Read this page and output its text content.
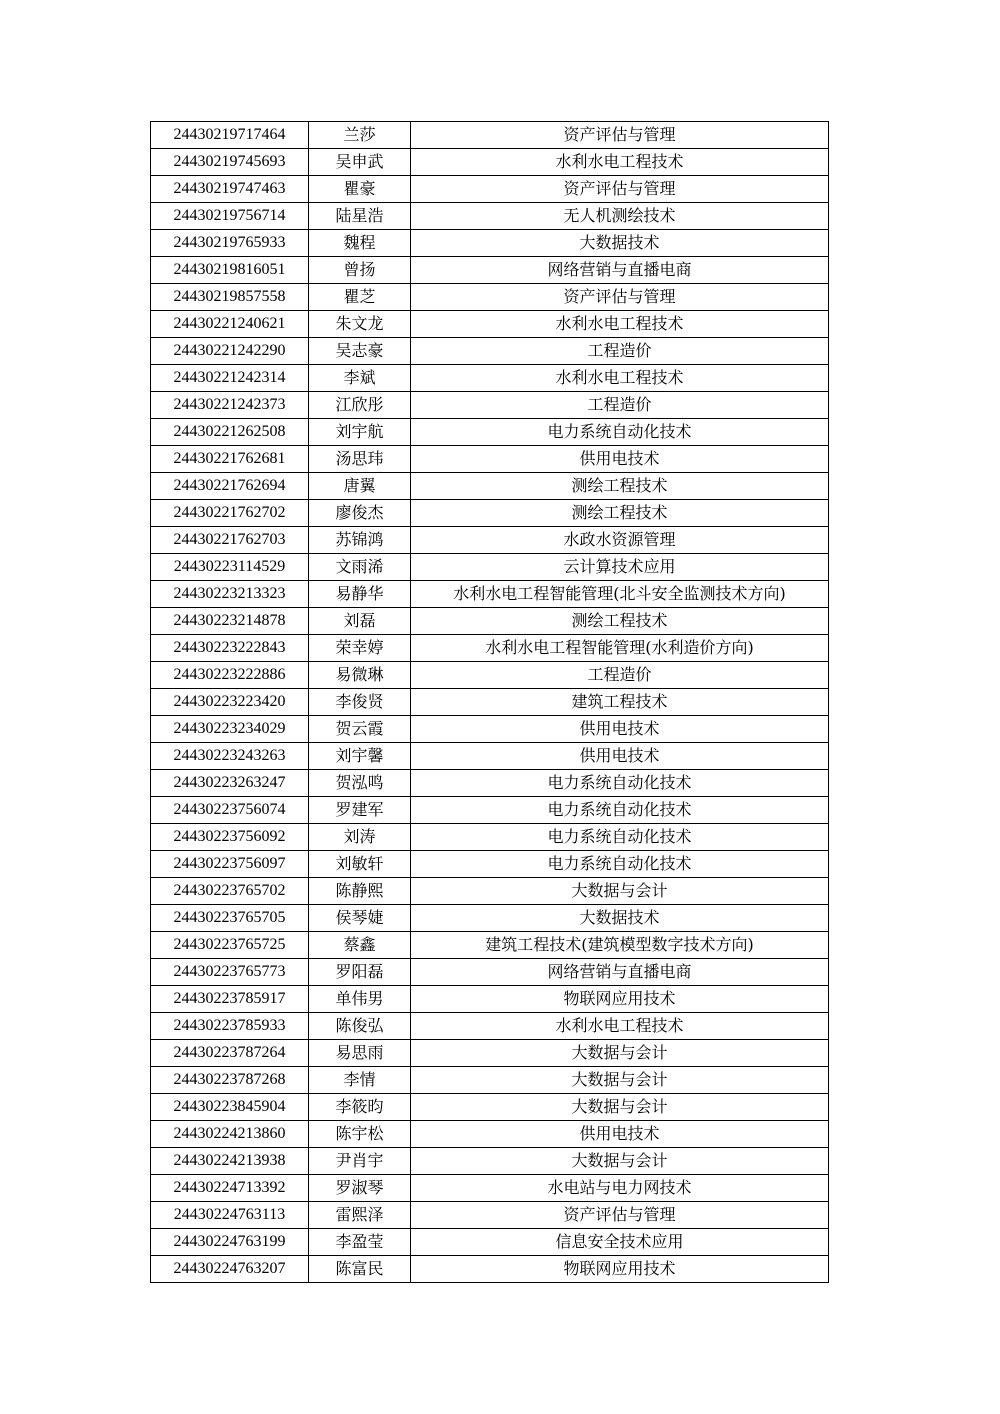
24430219717464	兰莎	资产评估与管理
24430219745693	吴申武	水利水电工程技术
24430219747463	瞿豪	资产评估与管理
24430219756714	陆星浩	无人机测绘技术
24430219765933	魏程	大数据技术
24430219816051	曾扬	网络营销与直播电商
24430219857558	瞿芝	资产评估与管理
24430221240621	朱文龙	水利水电工程技术
24430221242290	吴志豪	工程造价
24430221242314	李斌	水利水电工程技术
24430221242373	江欣彤	工程造价
24430221262508	刘宇航	电力系统自动化技术
24430221762681	汤思玮	供用电技术
24430221762694	唐翼	测绘工程技术
24430221762702	廖俊杰	测绘工程技术
24430221762703	苏锦鸿	水政水资源管理
24430223114529	文雨浠	云计算技术应用
24430223213323	易静华	水利水电工程智能管理(北斗安全监测技术方向)
24430223214878	刘磊	测绘工程技术
24430223222843	荣幸婷	水利水电工程智能管理(水利造价方向)
24430223222886	易微琳	工程造价
24430223223420	李俊贤	建筑工程技术
24430223234029	贺云霞	供用电技术
24430223243263	刘宇馨	供用电技术
24430223263247	贺泓鸣	电力系统自动化技术
24430223756074	罗建军	电力系统自动化技术
24430223756092	刘涛	电力系统自动化技术
24430223756097	刘敏轩	电力系统自动化技术
24430223765702	陈静熙	大数据与会计
24430223765705	侯琴婕	大数据技术
24430223765725	蔡鑫	建筑工程技术(建筑模型数字技术方向)
24430223765773	罗阳磊	网络营销与直播电商
24430223785917	单伟男	物联网应用技术
24430223785933	陈俊弘	水利水电工程技术
24430223787264	易思雨	大数据与会计
24430223787268	李情	大数据与会计
24430223845904	李筱昀	大数据与会计
24430224213860	陈宇松	供用电技术
24430224213938	尹肖宇	大数据与会计
24430224713392	罗淑琴	水电站与电力网技术
24430224763113	雷熙泽	资产评估与管理
24430224763199	李盈莹	信息安全技术应用
24430224763207	陈富民	物联网应用技术
